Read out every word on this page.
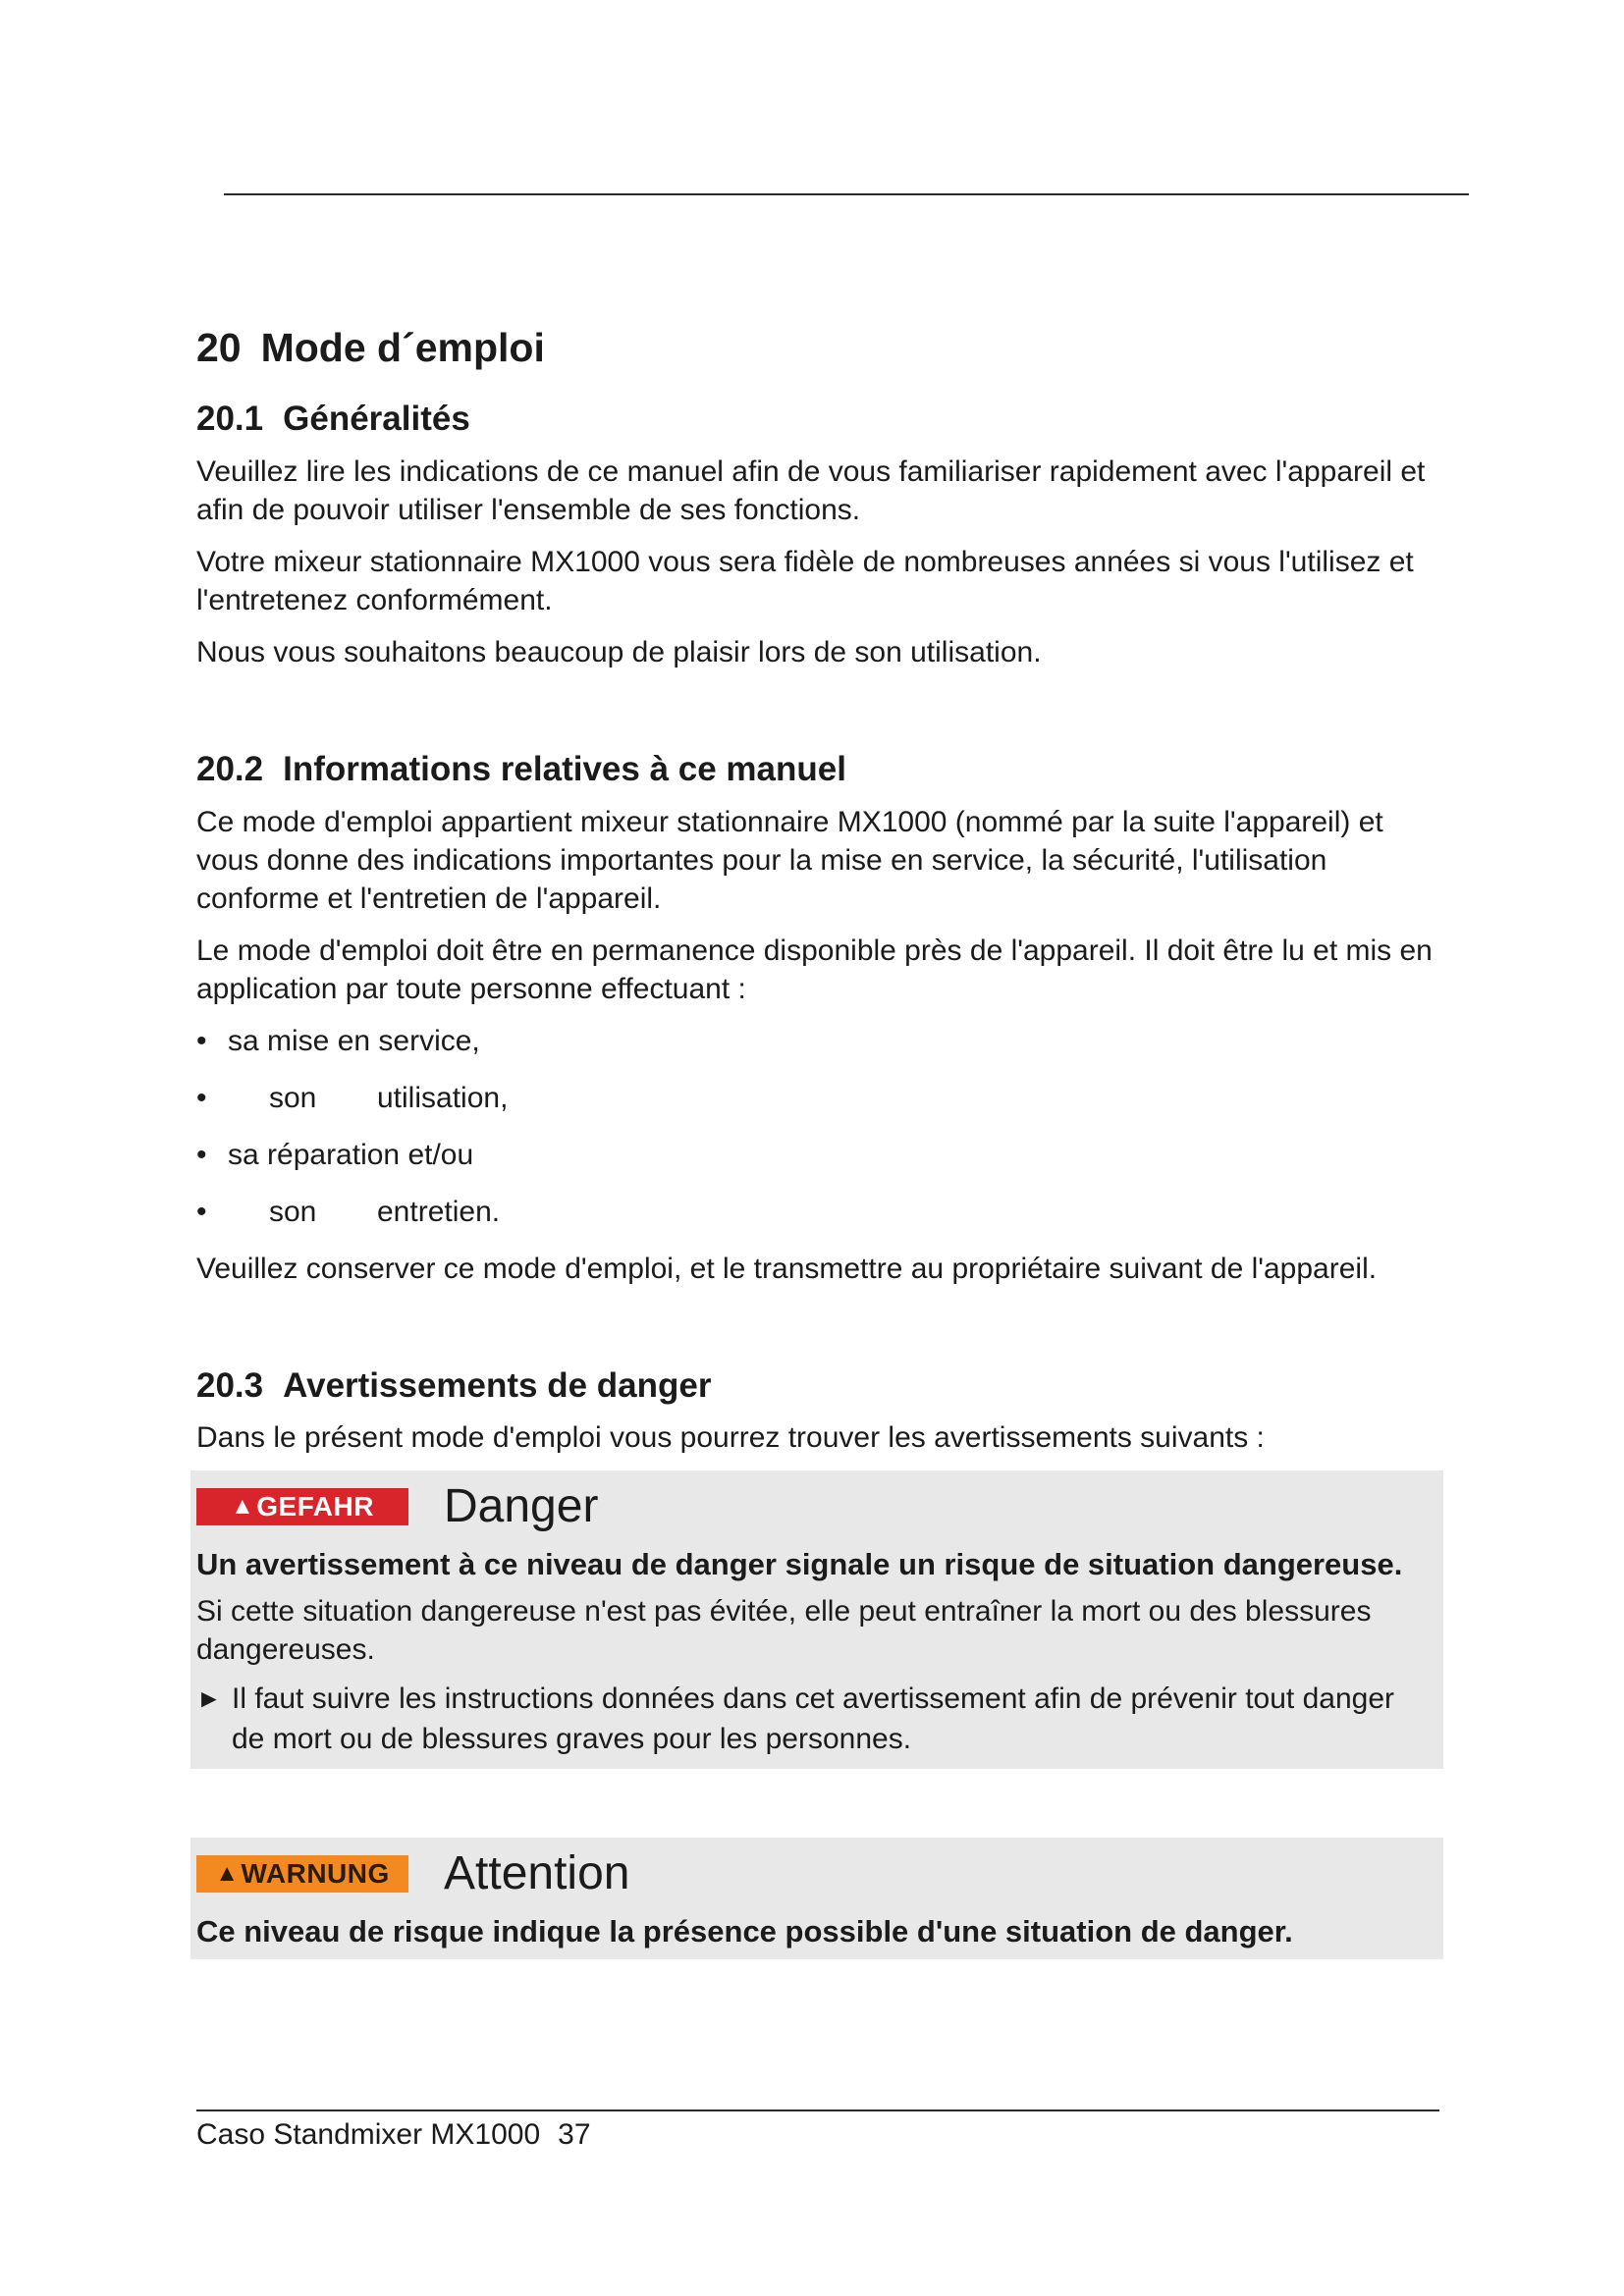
20 Mode d´emploi
20.1 Généralités

Veuillez lire les indications de ce manuel afin de vous familiariser rapidement avec l'appareil et afin de pouvoir utiliser l'ensemble de ses fonctions.

Votre mixeur stationnaire MX1000 vous sera fidèle de nombreuses années si vous l'utilisez et l'entretenez conformément.

Nous vous souhaitons beaucoup de plaisir lors de son utilisation.

20.2 Informations relatives à ce manuel

Ce mode d'emploi appartient mixeur stationnaire MX1000 (nommé par la suite l'appareil) et vous donne des indications importantes pour la mise en service, la sécurité, l'utilisation conforme et l'entretien de l'appareil.

Le mode d'emploi doit être en permanence disponible près de l'appareil. Il doit être lu et mis en application par toute personne effectuant :

• sa mise en service,
• son utilisation,
• sa réparation et/ou
• son entretien.

Veuillez conserver ce mode d'emploi, et le transmettre au propriétaire suivant de l'appareil.

20.3 Avertissements de danger

Dans le présent mode d'emploi vous pourrez trouver les avertissements suivants :

▲ GEFAHR Danger
Un avertissement à ce niveau de danger signale un risque de situation dangereuse.
Si cette situation dangereuse n'est pas évitée, elle peut entraîner la mort ou des blessures dangereuses.
► Il faut suivre les instructions données dans cet avertissement afin de prévenir tout danger de mort ou de blessures graves pour les personnes.
▲ WARNUNG Attention
Ce niveau de risque indique la présence possible d'une situation de danger.
Caso Standmixer MX1000 37
